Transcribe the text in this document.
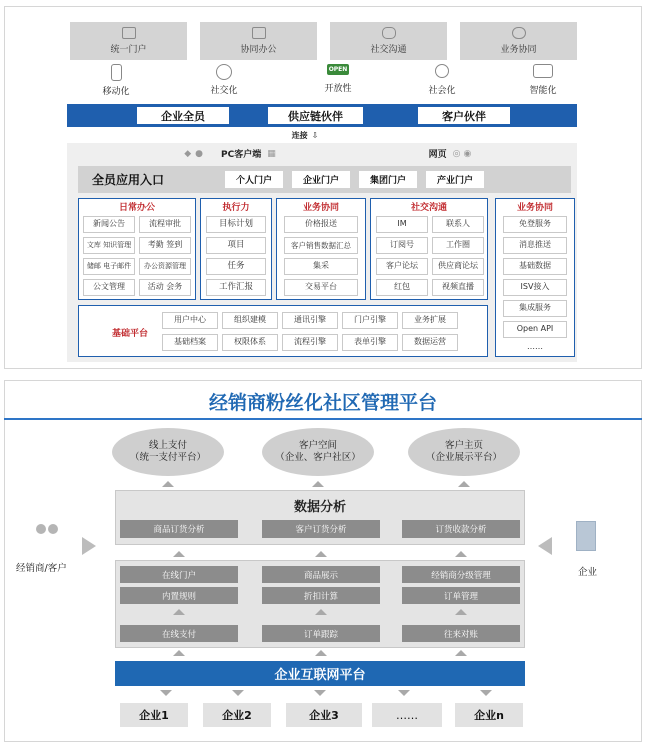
统一门户	协同办公	社交沟通	业务协同
移动化	社交化
OPEN
开放性	社会化	智能化
企业全员	供应链伙伴	客户伙伴
连接 ⇩
◆ ● PC客户端 ▦	网页 ◎ ◉
全员应用入口	个人门户	企业门户	集团门户	产业门户
日常办公
新闻公告	流程审批
文库 知识管理	考勤 签到
储邮 电子邮件	办公资源管理
公文管理	活动 会务
执行力
目标计划
项目
任务
工作汇报
业务协同
价格报送
客户销售数据汇总
集采
交易平台
社交沟通
IM	联系人
订阅号	工作圈
客户论坛	供应商论坛
红包	视频直播
基础平台
用户中心	组织建模	通讯引擎	门户引擎	业务扩展
基础档案	权限体系	流程引擎	表单引擎	数据运营
业务协同
免登服务
消息推送
基础数据
ISV接入
集成服务
Open API
……
经销商粉丝化社区管理平台
线上支付
（统一支付平台）
客户空间
（企业、客户社区）
客户主页
（企业展示平台）
数据分析
商品订货分析	客户订货分析	订货收款分析
在线门户	商品展示	经销商分级管理
内置规则	折扣计算	订单管理
在线支付	订单跟踪	往来对账
经销商/客户	企业
企业互联网平台
企业1	企业2	企业3	……	企业n
